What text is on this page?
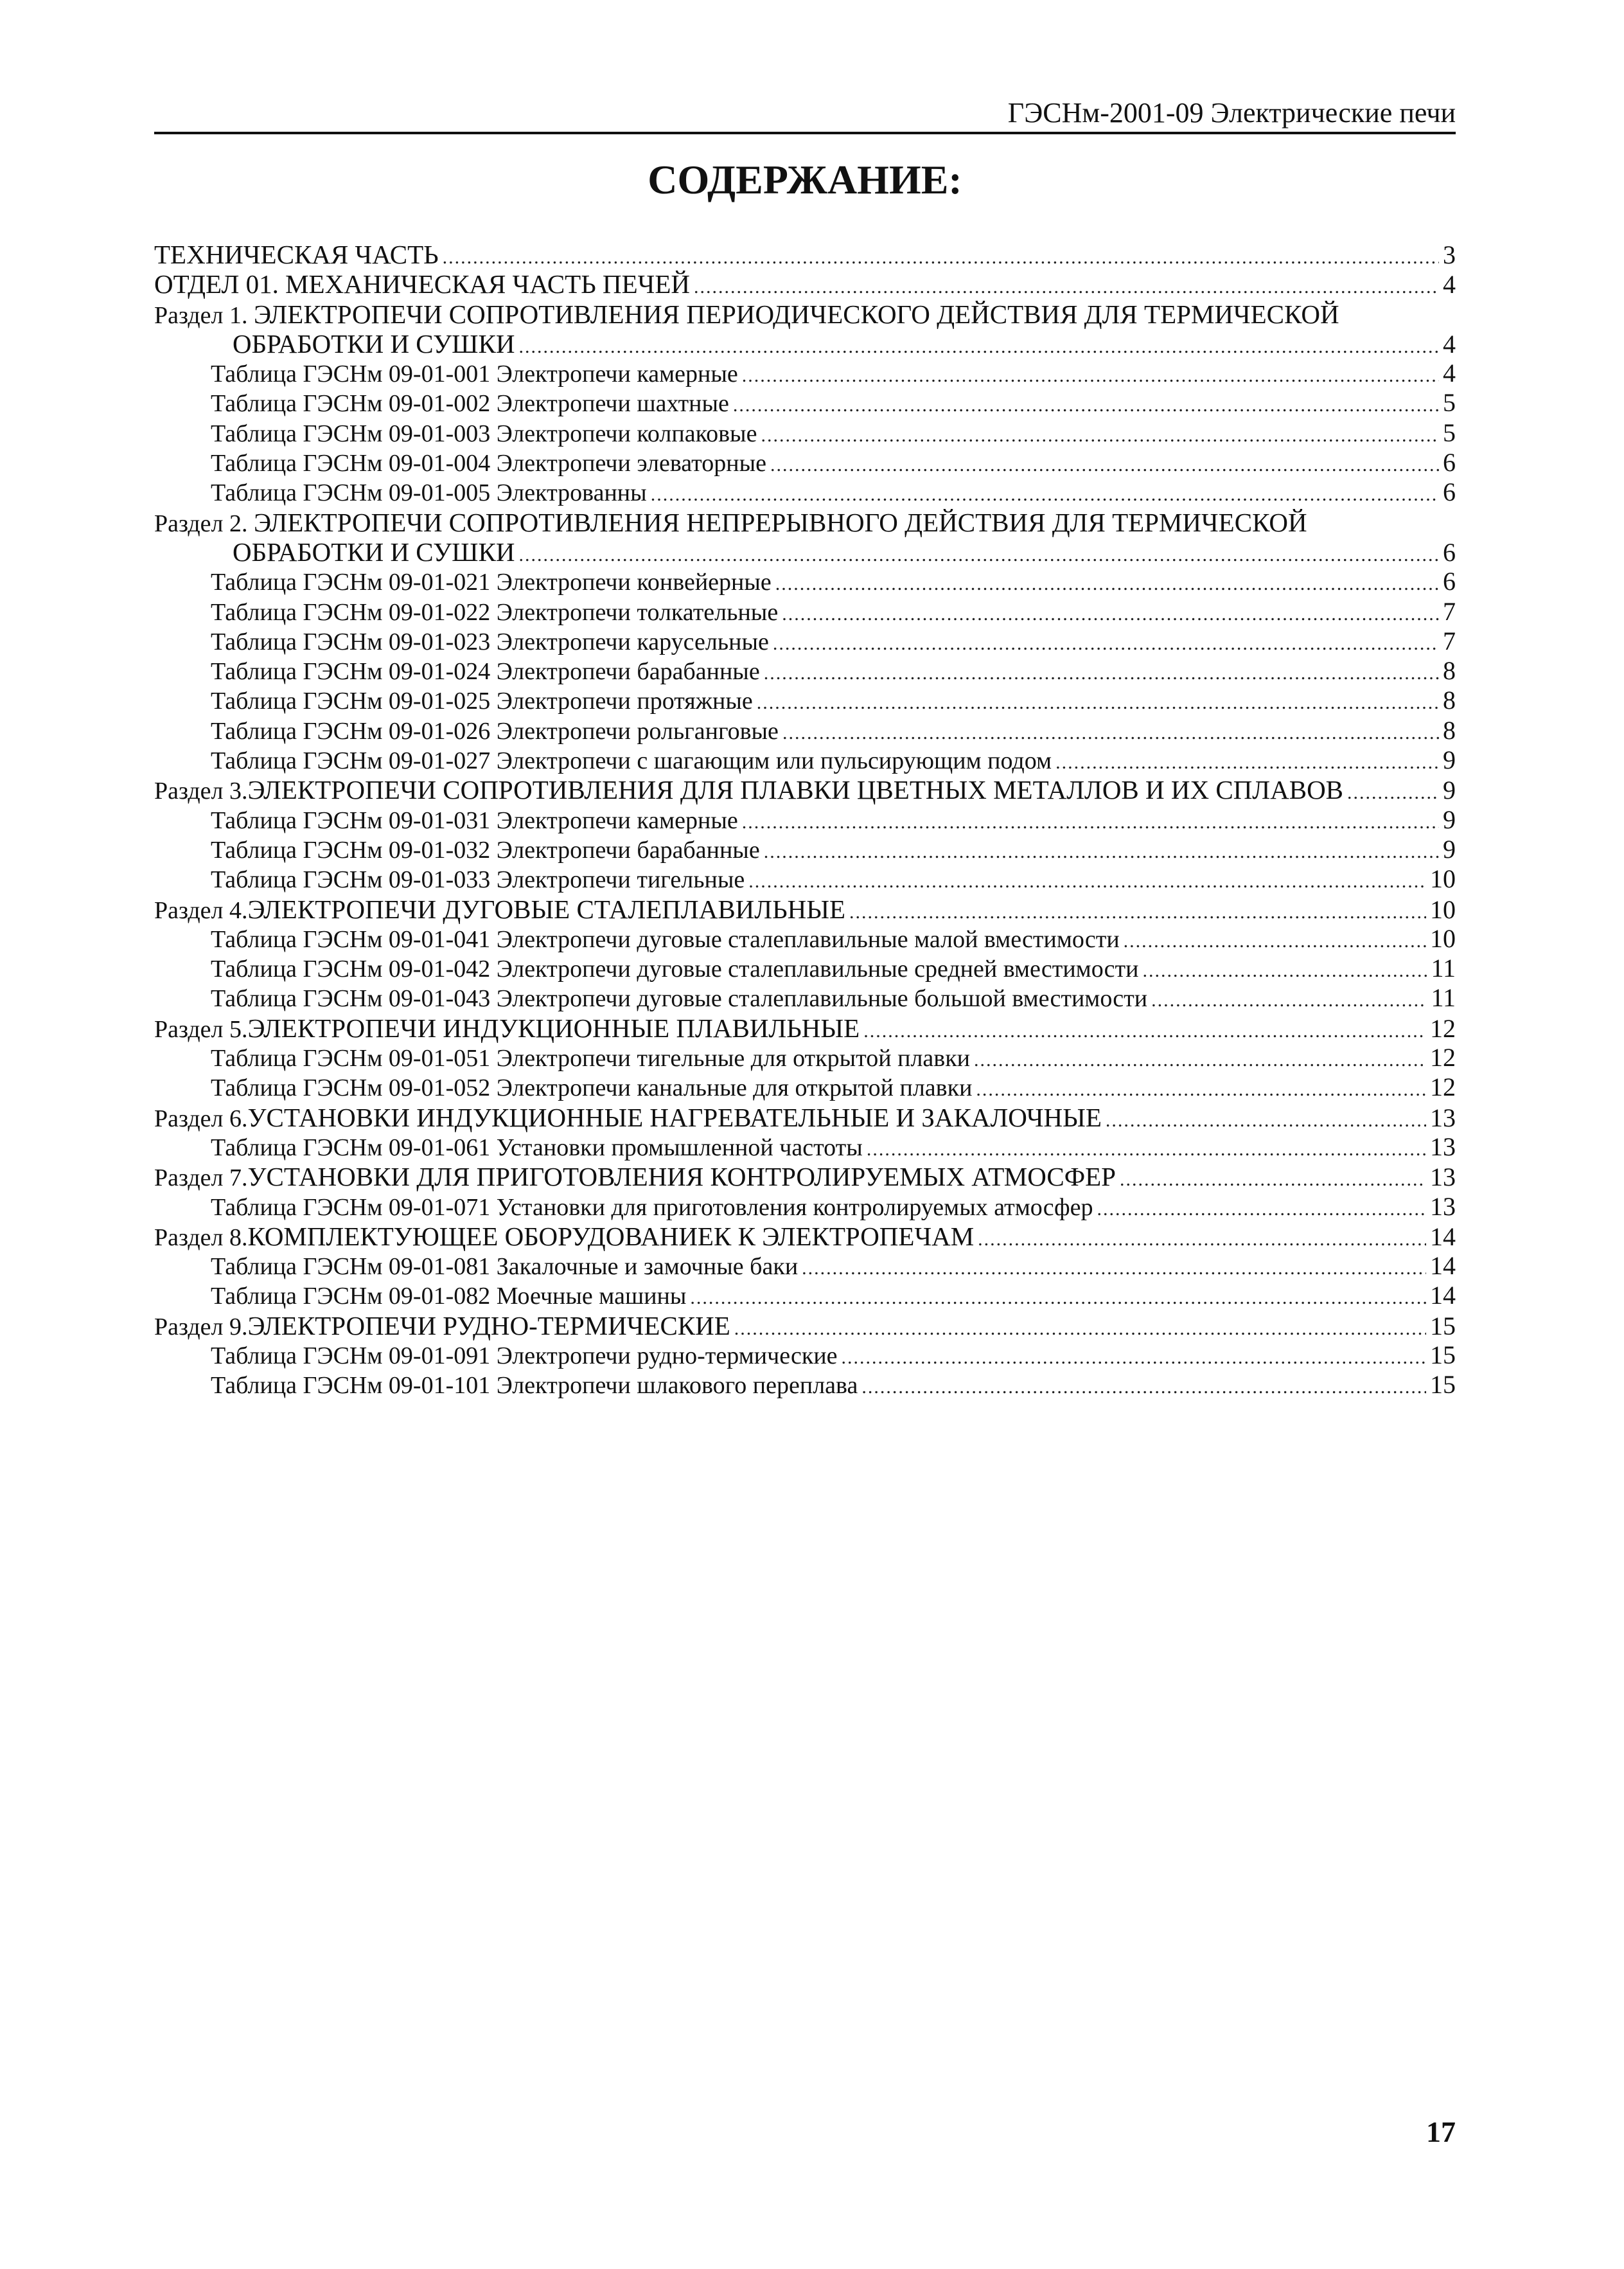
ГЭСНм-2001-09 Электрические печи
СОДЕРЖАНИЕ:
ТЕХНИЧЕСКАЯ ЧАСТЬ .....	3
ОТДЕЛ 01. МЕХАНИЧЕСКАЯ ЧАСТЬ ПЕЧЕЙ .....	4
Раздел 1. ЭЛЕКТРОПЕЧИ СОПРОТИВЛЕНИЯ ПЕРИОДИЧЕСКОГО ДЕЙСТВИЯ ДЛЯ ТЕРМИЧЕСКОЙ
ОБРАБОТКИ И СУШКИ .....	4
Таблица ГЭСНм 09-01-001 Электропечи камерные .....	4
Таблица ГЭСНм 09-01-002 Электропечи шахтные .....	5
Таблица ГЭСНм 09-01-003 Электропечи колпаковые .....	5
Таблица ГЭСНм 09-01-004 Электропечи элеваторные .....	6
Таблица ГЭСНм 09-01-005 Электрованны .....	6
Раздел 2. ЭЛЕКТРОПЕЧИ СОПРОТИВЛЕНИЯ НЕПРЕРЫВНОГО ДЕЙСТВИЯ ДЛЯ ТЕРМИЧЕСКОЙ
ОБРАБОТКИ И СУШКИ .....	6
Таблица ГЭСНм 09-01-021 Электропечи конвейерные .....	6
Таблица ГЭСНм 09-01-022 Электропечи толкательные .....	7
Таблица ГЭСНм 09-01-023 Электропечи карусельные .....	7
Таблица ГЭСНм 09-01-024 Электропечи барабанные .....	8
Таблица ГЭСНм 09-01-025 Электропечи протяжные .....	8
Таблица ГЭСНм 09-01-026 Электропечи рольганговые .....	8
Таблица ГЭСНм 09-01-027 Электропечи с шагающим или пульсирующим подом .....	9
Раздел 3. ЭЛЕКТРОПЕЧИ СОПРОТИВЛЕНИЯ ДЛЯ ПЛАВКИ ЦВЕТНЫХ МЕТАЛЛОВ И ИХ СПЛАВОВ .....	9
Таблица ГЭСНм 09-01-031 Электропечи камерные .....	9
Таблица ГЭСНм 09-01-032 Электропечи барабанные .....	9
Таблица ГЭСНм 09-01-033 Электропечи тигельные .....	10
Раздел 4. ЭЛЕКТРОПЕЧИ ДУГОВЫЕ СТАЛЕПЛАВИЛЬНЫЕ .....	10
Таблица ГЭСНм 09-01-041 Электропечи дуговые сталеплавильные малой вместимости .....	10
Таблица ГЭСНм 09-01-042 Электропечи дуговые сталеплавильные средней вместимости .....	11
Таблица ГЭСНм 09-01-043 Электропечи дуговые сталеплавильные большой вместимости .....	11
Раздел 5. ЭЛЕКТРОПЕЧИ ИНДУКЦИОННЫЕ ПЛАВИЛЬНЫЕ .....	12
Таблица ГЭСНм 09-01-051 Электропечи тигельные для открытой плавки .....	12
Таблица ГЭСНм 09-01-052 Электропечи канальные для открытой плавки .....	12
Раздел 6. УСТАНОВКИ ИНДУКЦИОННЫЕ НАГРЕВАТЕЛЬНЫЕ И ЗАКАЛОЧНЫЕ .....	13
Таблица ГЭСНм 09-01-061 Установки промышленной частоты .....	13
Раздел 7. УСТАНОВКИ ДЛЯ ПРИГОТОВЛЕНИЯ КОНТРОЛИРУЕМЫХ АТМОСФЕР .....	13
Таблица ГЭСНм 09-01-071 Установки для приготовления контролируемых атмосфер .....	13
Раздел 8. КОМПЛЕКТУЮЩЕЕ ОБОРУДОВАНИЕК К ЭЛЕКТРОПЕЧАМ .....	14
Таблица ГЭСНм 09-01-081 Закалочные и замочные баки .....	14
Таблица ГЭСНм 09-01-082 Моечные машины .....	14
Раздел 9. ЭЛЕКТРОПЕЧИ РУДНО-ТЕРМИЧЕСКИЕ .....	15
Таблица ГЭСНм 09-01-091 Электропечи рудно-термические .....	15
Таблица ГЭСНм 09-01-101 Электропечи шлакового переплава .....	15
17
